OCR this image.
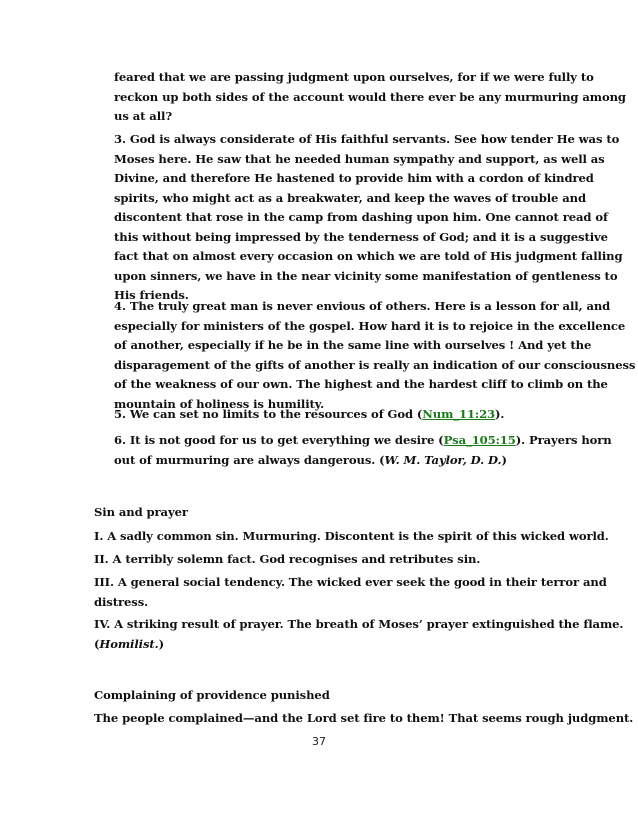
feared that we are passing judgment upon ourselves, for if we were fully to
reckon up both sides of the account would there ever be any murmuring among
us at all?

3. God is always considerate of His faithful servants. See how tender He was to
Moses here. He saw that he needed human sympathy and support, as well as
Divine, and therefore He hastened to provide him with a cordon of kindred
spirits, who might act as a breakwater, and keep the waves of trouble and
discontent that rose in the camp from dashing upon him. One cannot read of
this without being impressed by the tenderness of God; and it is a suggestive
fact that on almost every occasion on which we are told of His judgment falling
upon sinners, we have in the near vicinity some manifestation of gentleness to
His friends.

4. The truly great man is never envious of others. Here is a lesson for all, and
especially for ministers of the gospel. How hard it is to rejoice in the excellence
of another, especially if he be in the same line with ourselves ! And yet the
disparagement of the gifts of another is really an indication of our consciousness
of the weakness of our own. The highest and the hardest cliff to climb on the
mountain of holiness is humility.

5. We can set no limits to the resources of God (Num_11:23).

6. It is not good for us to get everything we desire (Psa_105:15). Prayers horn
out of murmuring are always dangerous. (W. M. Taylor, D. D.)

Sin and prayer

I. A sadly common sin. Murmuring. Discontent is the spirit of this wicked world.

II. A terribly solemn fact. God recognises and retributes sin.

III. A general social tendency. The wicked ever seek the good in their terror and
distress.

IV. A striking result of prayer. The breath of Moses’ prayer extinguished the flame.
(Homilist.)

Complaining of providence punished

The people complained—and the Lord set fire to them! That seems rough judgment.

37
